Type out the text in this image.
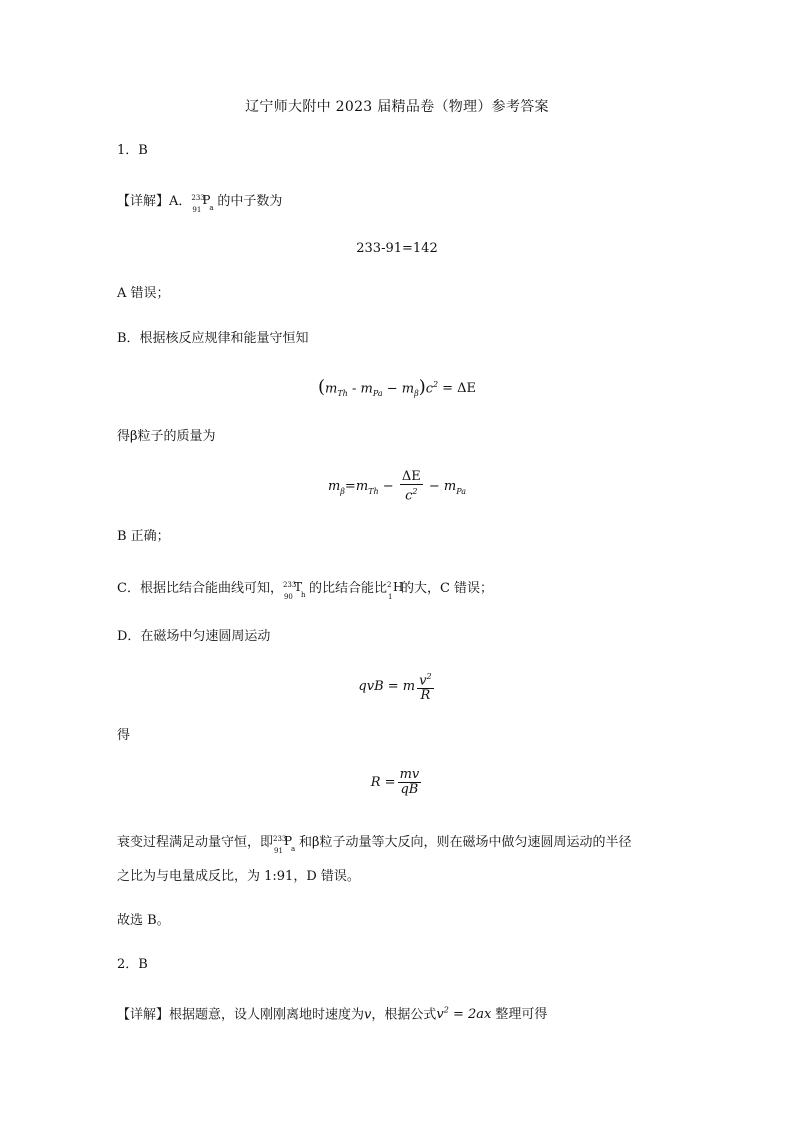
辽宁师大附中 2023 届精品卷（物理）参考答案
1．B
【详解】A． 233
91
P
a 的中子数为
233-91=142
A 错误；
B．根据核反应规律和能量守恒知
$(m_{Th} - m_{Pa} - m_\beta)c^2 = \Delta E$
得β粒子的质量为
$m_\beta=m_{Th} - \frac{\Delta E}{c^2} - m_{Pa}$
B 正确；
C．根据比结合能曲线可知， 233
90
T
h 的比结合能比 2
1
H
的大，C 错误；
D．在磁场中匀速圆周运动
qvB = m $\frac{v^2}{R}$
得
$R = \frac{mv}{qB}$
衰变过程满足动量守恒，即 233
91
P
a 和β粒子动量等大反向，则在磁场中做匀速圆周运动的半径
之比为与电量成反比，为 1:91，D 错误。
故选 B。
2．B
【详解】根据题意，设人刚刚离地时速度为v，根据公式$v^2 = 2ax$ 整理可得
